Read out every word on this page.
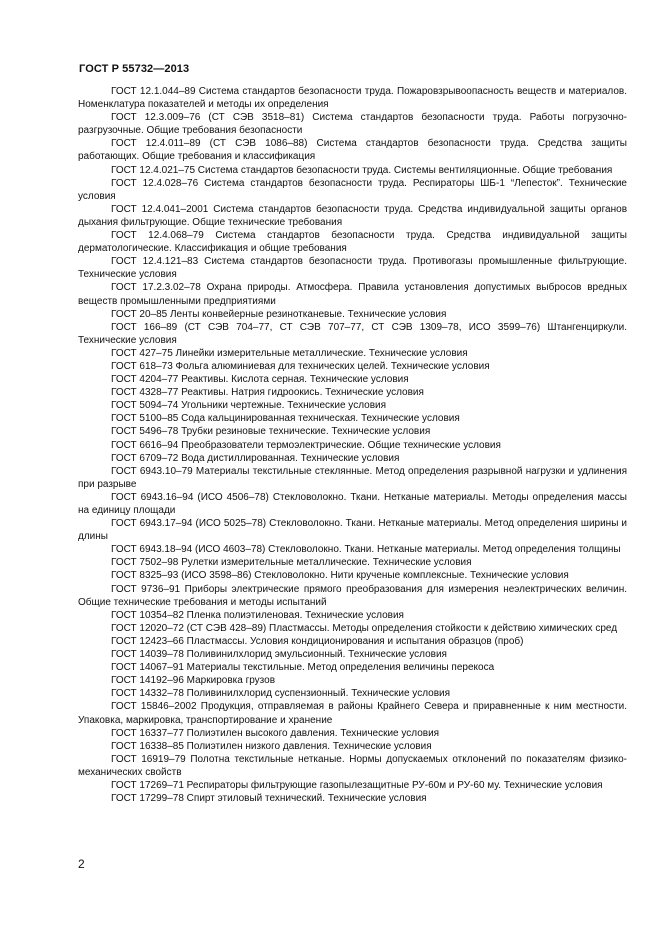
ГОСТ Р 55732—2013

ГОСТ 12.1.044–89 Система стандартов безопасности труда. Пожаровзрывоопасность веществ и материалов. Номенклатура показателей и методы их определения

ГОСТ 12.3.009–76 (СТ СЭВ 3518–81) Система стандартов безопасности труда. Работы погрузочно-разгрузочные. Общие требования безопасности

ГОСТ 12.4.011–89 (СТ СЭВ 1086–88) Система стандартов безопасности труда. Средства защиты работающих. Общие требования и классификация

ГОСТ 12.4.021–75 Система стандартов безопасности труда. Системы вентиляционные. Общие требования

ГОСТ 12.4.028–76 Система стандартов безопасности труда. Респираторы ШБ-1 “Лепесток”. Технические условия

ГОСТ 12.4.041–2001 Система стандартов безопасности труда. Средства индивидуальной защиты органов дыхания фильтрующие. Общие технические требования

ГОСТ 12.4.068–79 Система стандартов безопасности труда. Средства индивидуальной защиты дерматологические. Классификация и общие требования

ГОСТ 12.4.121–83 Система стандартов безопасности труда. Противогазы промышленные фильтрующие. Технические условия

ГОСТ 17.2.3.02–78 Охрана природы. Атмосфера. Правила установления допустимых выбросов вредных веществ промышленными предприятиями

ГОСТ 20–85 Ленты конвейерные резинотканевые. Технические условия

ГОСТ 166–89 (СТ СЭВ 704–77, СТ СЭВ 707–77, СТ СЭВ 1309–78, ИСО 3599–76) Штангенциркули. Технические условия

ГОСТ 427–75 Линейки измерительные металлические. Технические условия

ГОСТ 618–73 Фольга алюминиевая для технических целей. Технические условия

ГОСТ 4204–77 Реактивы. Кислота серная. Технические условия

ГОСТ 4328–77 Реактивы. Натрия гидроокись. Технические условия

ГОСТ 5094–74 Угольники чертежные. Технические условия

ГОСТ 5100–85 Сода кальцинированная техническая. Технические условия

ГОСТ 5496–78 Трубки резиновые технические. Технические условия

ГОСТ 6616–94 Преобразователи термоэлектрические. Общие технические условия

ГОСТ 6709–72 Вода дистиллированная. Технические условия

ГОСТ 6943.10–79 Материалы текстильные стеклянные. Метод определения разрывной нагрузки и удлинения при разрыве

ГОСТ 6943.16–94 (ИСО 4506–78) Стекловолокно. Ткани. Нетканые материалы. Методы определения массы на единицу площади

ГОСТ 6943.17–94 (ИСО 5025–78) Стекловолокно. Ткани. Нетканые материалы. Метод определения ширины и длины

ГОСТ 6943.18–94 (ИСО 4603–78) Стекловолокно. Ткани. Нетканые материалы. Метод определения толщины

ГОСТ 7502–98 Рулетки измерительные металлические. Технические условия

ГОСТ 8325–93 (ИСО 3598–86) Стекловолокно. Нити крученые комплексные. Технические условия

ГОСТ 9736–91 Приборы электрические прямого преобразования для измерения неэлектрических величин. Общие технические требования и методы испытаний

ГОСТ 10354–82 Пленка полиэтиленовая. Технические условия

ГОСТ 12020–72 (СТ СЭВ 428–89) Пластмассы. Методы определения стойкости к действию химических сред

ГОСТ 12423–66 Пластмассы. Условия кондиционирования и испытания образцов (проб)

ГОСТ 14039–78 Поливинилхлорид эмульсионный. Технические условия

ГОСТ 14067–91 Материалы текстильные. Метод определения величины перекоса

ГОСТ 14192–96 Маркировка грузов

ГОСТ 14332–78 Поливинилхлорид суспензионный. Технические условия

ГОСТ 15846–2002 Продукция, отправляемая в районы Крайнего Севера и приравненные к ним местности. Упаковка, маркировка, транспортирование и хранение

ГОСТ 16337–77 Полиэтилен высокого давления. Технические условия

ГОСТ 16338–85 Полиэтилен низкого давления. Технические условия

ГОСТ 16919–79 Полотна текстильные нетканые. Нормы допускаемых отклонений по показателям физико-механических свойств

ГОСТ 17269–71 Респираторы фильтрующие газопылезащитные РУ-60м и РУ-60 му. Технические условия

ГОСТ 17299–78 Спирт этиловый технический. Технические условия

2
